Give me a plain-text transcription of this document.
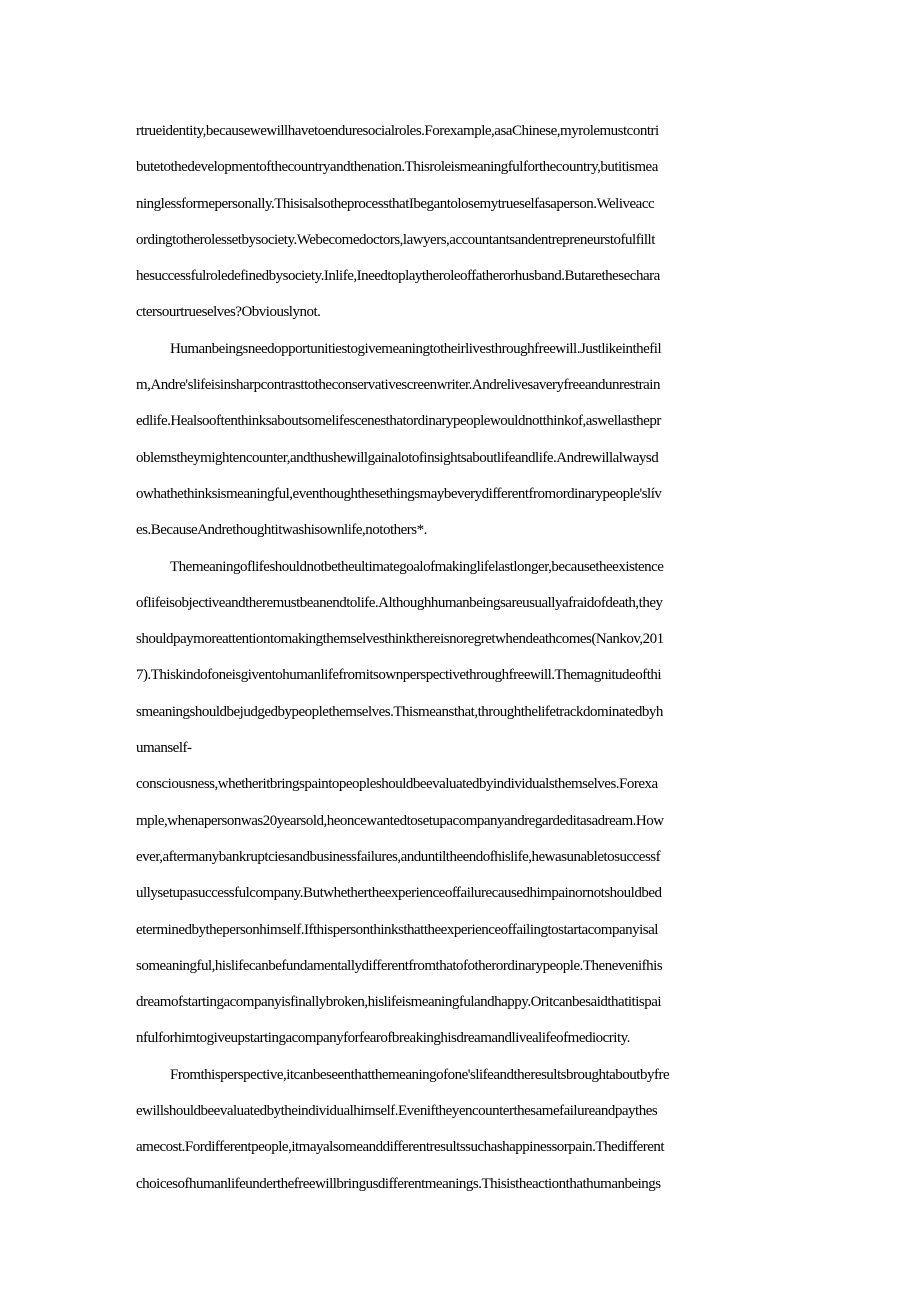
rtrueidentity,becausewewillhavetoenduresocialroles.Forexample,asaChinese,myrolemustcontri
butetothedevelopmentofthecountryandthenation.Thisroleismeaningfulforthecountry,butitismea
ninglessformepersonally.ThisisalsotheprocessthatIbegantolosemytrueselfasaperson.Weliveacc
ordingtotherolessetbysociety.Webecomedoctors,lawyers,accountantsandentrepreneurstofulfillt
hesuccessfulroledefinedbysociety.Inlife,Ineedtoplaytheroleoffatherorhusband.Butarethesechara
ctersourtrueselves?Obviouslynot.

Humanbeingsneedopportunitiestogivemeaningtotheirlivesthroughfreewill.Justlikeinthefil
m,Andre'slifeisinsharpcontrasttotheconservativescreenwriter.Andrelivesaveryfreeandunrestrain
edlife.Healsooftenthinksaboutsomelifescenesthatordinarypeoplewouldnotthinkof,aswellasthepr
oblemstheymightencounter,andthushewillgainalotofinsightsaboutlifeandlife.Andrewillalwaysd
owhathethinksismeaningful,eventhoughthesethingsmaybeverydifferentfromordinarypeople'slív
es.BecauseAndrethoughtitwashisownlife,notothers*.

Themeaningoflifeshouldnotbetheultimategoalofmakinglifelastlonger,becausetheexistence
oflifeisobjectiveandtheremustbeanendtolife.Althoughhumanbeingsareusuallyafraidofdeath,they
shouldpaymoreattentiontomakingthemselvesthinkthereisnoregretwhendeathcomes(Nankov,201
7).Thiskindofoneisgiventohumanlifefromitsownperspectivethroughfreewill.Themagnitudeofthi
smeaningshouldbejudgedbypeoplethemselves.Thismeansthat,throughthelifetrackdominatedbyh
umanself-
consciousness,whetheritbringspaintopeopleshouldbeevaluatedbyindividualsthemselves.Forexa
mple,whenapersonwas20yearsold,heoncewantedtosetupacompanyandregardeditasadream.How
ever,aftermanybankruptciesandbusinessfailures,anduntiltheendofhislife,hewasunabletosuccessf
ullysetupasuccessfulcompany.Butwhethertheexperienceoffailurecausedhimpainornotshouldbed
eterminedbythepersonhimself.Ifthispersonthinksthattheexperienceoffailingtostartacompanyisal
someaningful,hislifecanbefundamentallydifferentfromthatofotherordinarypeople.Thenevenifhis
dreamofstartingacompanyisfinallybroken,hislifeismeaningfulandhappy.Oritcanbesaidthatitispai
nfulforhimtogiveupstartingacompanyforfearofbreakinghisdreamandlivealifeofmediocrity.

Fromthisperspective,itcanbeseenthatthemeaningofone'slifeandtheresultsbroughtaboutbyfre
ewillshouldbeevaluatedbytheindividualhimself.Eveniftheyencounterthesamefailureandpaythes
amecost.Fordifferentpeople,itmayalsomeanddifferentresultssuchashappinessorpain.Thedifferent
choicesofhumanlifeunderthefreewillbringusdifferentmeanings.Thisistheactionthathumanbeings
